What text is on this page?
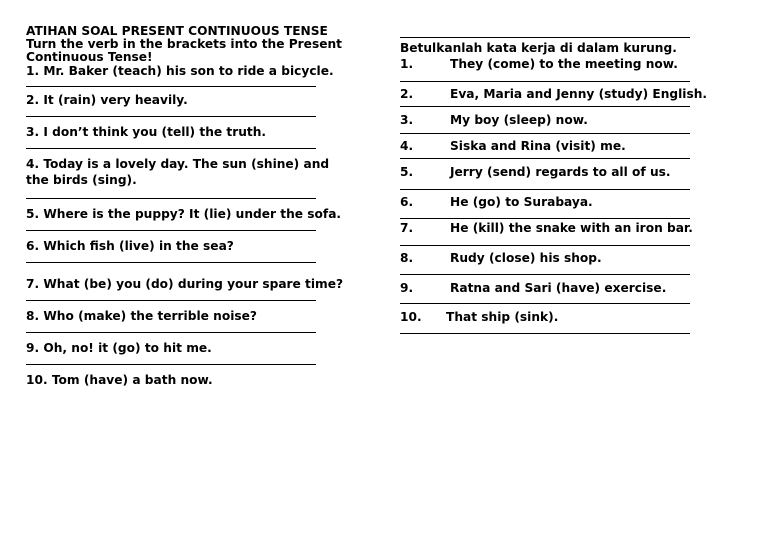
ATIHAN SOAL PRESENT CONTINUOUS TENSE
Turn the verb in the brackets into the Present Continuous Tense!
1. Mr. Baker (teach) his son to ride a bicycle.
2. It (rain) very heavily.
3. I don’t think you (tell) the truth.
4. Today is a lovely day. The sun (shine) and the birds (sing).
5. Where is the puppy? It (lie) under the sofa.
6. Which fish (live) in the sea?
7. What (be) you (do) during your spare time?
8. Who (make) the terrible noise?
9. Oh, no! it (go) to hit me.
10. Tom (have) a bath now.
Betulkanlah kata kerja di dalam kurung.
1.	They (come) to the meeting now.
2.	Eva, Maria and Jenny (study) English.
3.	My boy (sleep) now.
4.	Siska and Rina (visit) me.
5.	Jerry (send) regards to all of us.
6.	He (go) to Surabaya.
7.	He (kill) the snake with an iron bar.
8.	Rudy (close) his shop.
9.	Ratna and Sari (have) exercise.
10.	That ship (sink).
